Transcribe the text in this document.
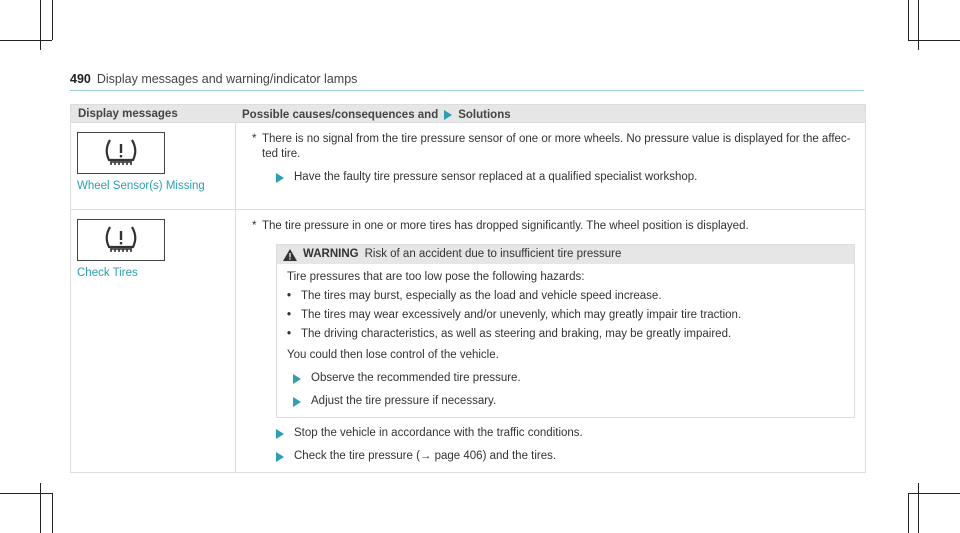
490 Display messages and warning/indicator lamps
Display messages	Possible causes/consequences and Solutions
Wheel Sensor(s) Missing
* There is no signal from the tire pressure sensor of one or more wheels. No pressure value is displayed for the affec-
ted tire.
Have the faulty tire pressure sensor replaced at a qualified specialist workshop.
Check Tires
* The tire pressure in one or more tires has dropped significantly. The wheel position is displayed.
WARNING Risk of an accident due to insufficient tire pressure
Tire pressures that are too low pose the following hazards:
• The tires may burst, especially as the load and vehicle speed increase.
• The tires may wear excessively and/or unevenly, which may greatly impair tire traction.
• The driving characteristics, as well as steering and braking, may be greatly impaired.
You could then lose control of the vehicle.
Observe the recommended tire pressure.
Adjust the tire pressure if necessary.
Stop the vehicle in accordance with the traffic conditions.
Check the tire pressure (→ page 406) and the tires.
